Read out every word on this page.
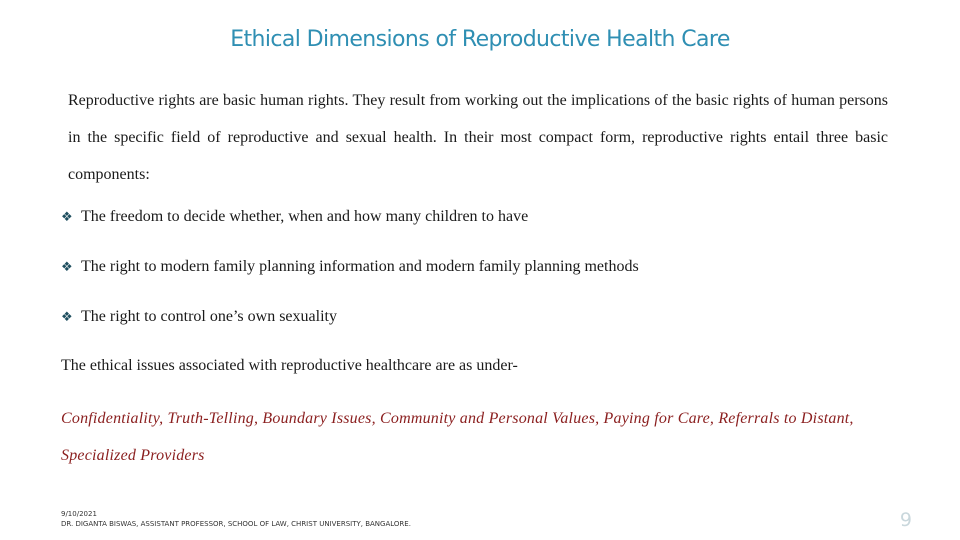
Ethical Dimensions of Reproductive Health Care
Reproductive rights are basic human rights. They result from working out the implications of the basic rights of human persons in the specific field of reproductive and sexual health. In their most compact form, reproductive rights entail three basic components:
❖ The freedom to decide whether, when and how many children to have
❖ The right to modern family planning information and modern family planning methods
❖ The right to control one’s own sexuality
The ethical issues associated with reproductive healthcare are as under-
Confidentiality, Truth-Telling, Boundary Issues, Community and Personal Values, Paying for Care, Referrals to Distant, Specialized Providers
9/10/2021
DR. DIGANTA BISWAS, ASSISTANT PROFESSOR, SCHOOL OF LAW, CHRIST UNIVERSITY, BANGALORE.	9
